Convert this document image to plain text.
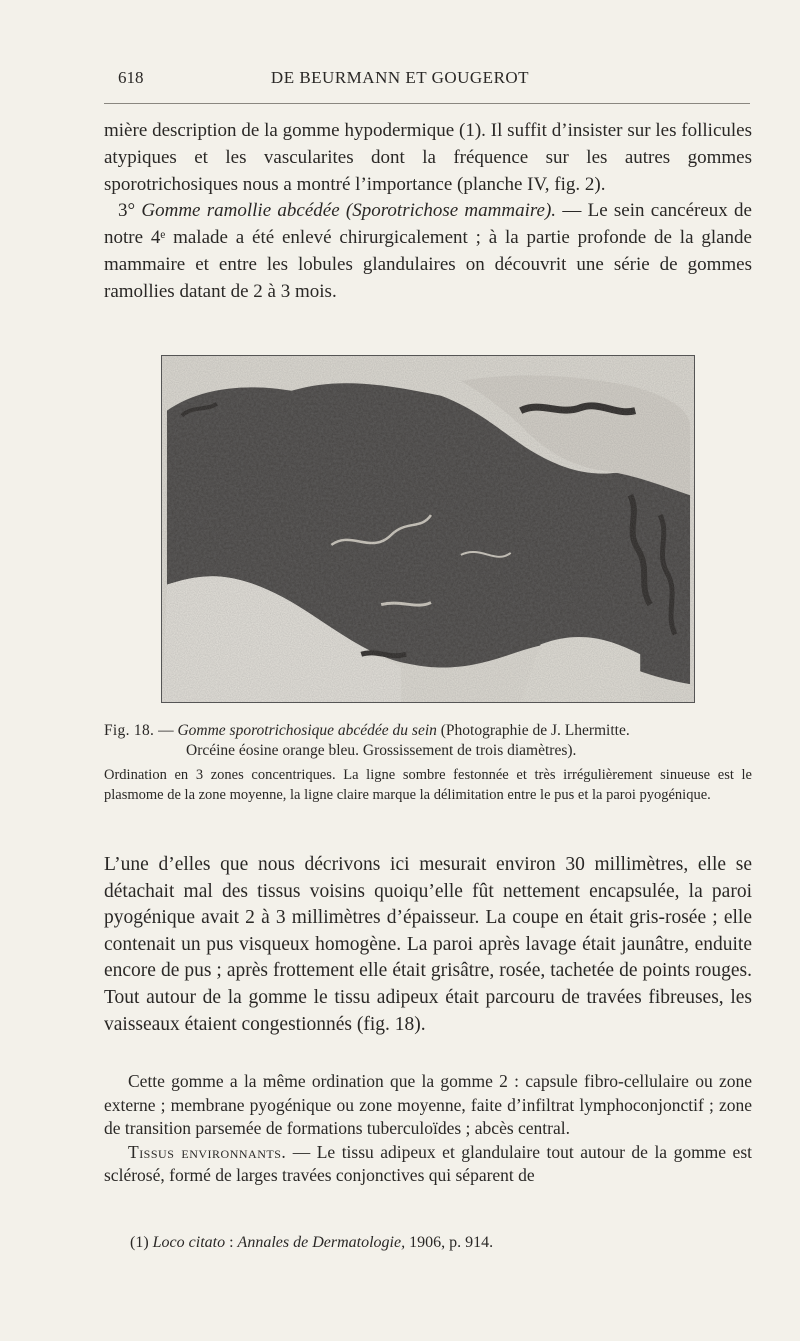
618	DE BEURMANN ET GOUGEROT

mière description de la gomme hypodermique (1). Il suffit d’insister sur les follicules atypiques et les vascularites dont la fréquence sur les autres gommes sporotrichosiques nous a montré l’importance (planche IV, fig. 2).

3° Gomme ramollie abcédée (Sporotrichose mammaire). — Le sein cancéreux de notre 4ᵉ malade a été enlevé chirurgicalement ; à la partie profonde de la glande mammaire et entre les lobules glandulaires on découvrit une série de gommes ramollies datant de 2 à 3 mois.

Fig. 18. — Gomme sporotrichosique abcédée du sein (Photographie de J. Lhermitte.
Orcéine éosine orange bleu. Grossissement de trois diamètres).
Ordination en 3 zones concentriques. La ligne sombre festonnée et très irrégulièrement sinueuse est le plasmome de la zone moyenne, la ligne claire marque la délimitation entre le pus et la paroi pyogénique.

L’une d’elles que nous décrivons ici mesurait environ 30 millimètres, elle se détachait mal des tissus voisins quoiqu’elle fût nettement encapsulée, la paroi pyogénique avait 2 à 3 millimètres d’épaisseur. La coupe en était gris-rosée ; elle contenait un pus visqueux homogène. La paroi après lavage était jaunâtre, enduite encore de pus ; après frottement elle était grisâtre, rosée, tachetée de points rouges. Tout autour de la gomme le tissu adipeux était parcouru de travées fibreuses, les vaisseaux étaient congestionnés (fig. 18).

Cette gomme a la même ordination que la gomme 2 : capsule fibro-cellulaire ou zone externe ; membrane pyogénique ou zone moyenne, faite d’infiltrat lymphoconjonctif ; zone de transition parsemée de formations tuberculoïdes ; abcès central.

Tissus environnants. — Le tissu adipeux et glandulaire tout autour de la gomme est sclérosé, formé de larges travées conjonctives qui séparent de

(1) Loco citato : Annales de Dermatologie, 1906, p. 914.
